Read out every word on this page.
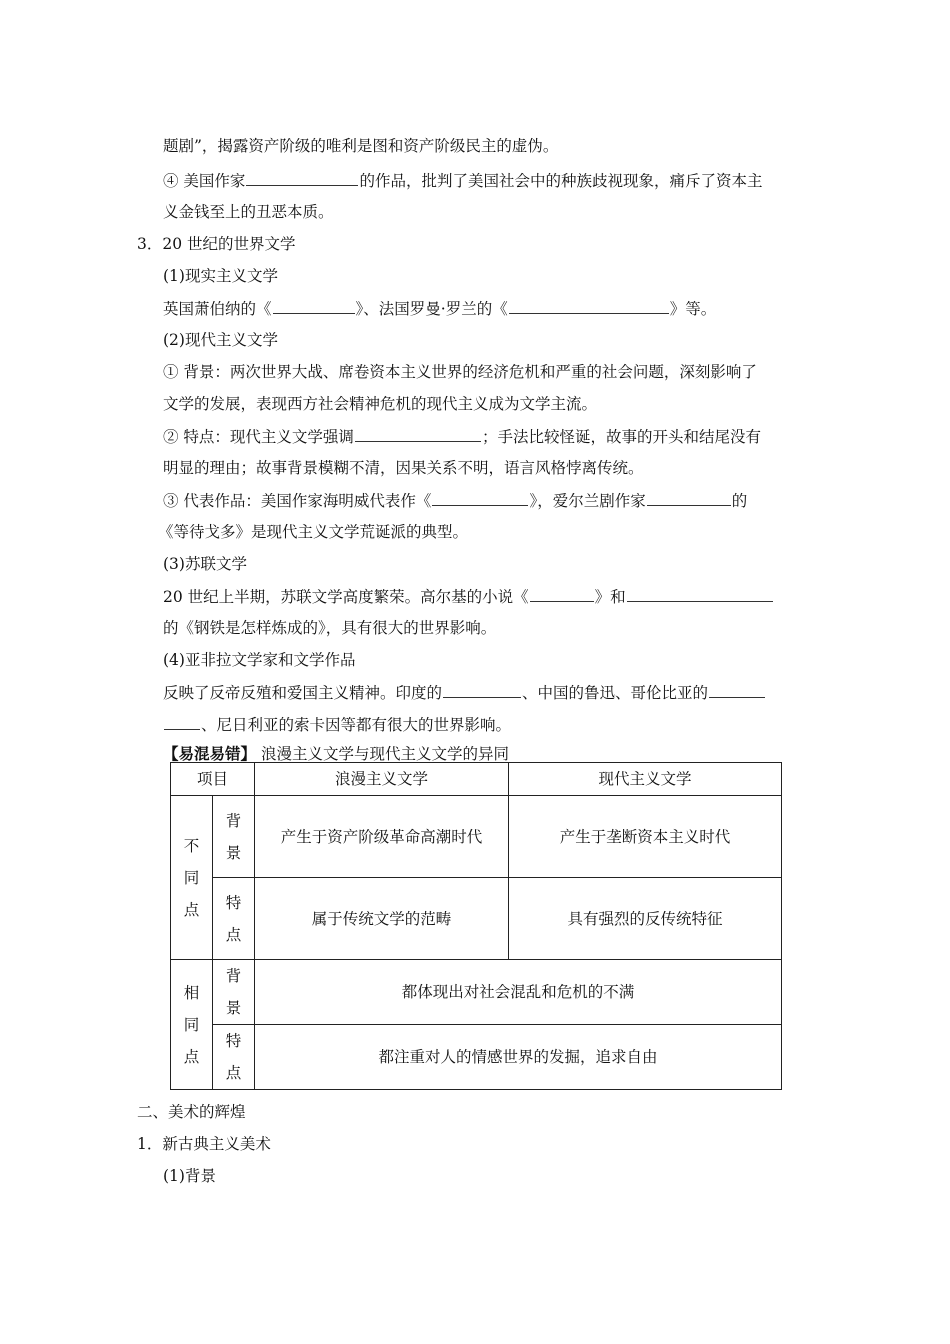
题剧”，揭露资产阶级的唯利是图和资产阶级民主的虚伪。
④ 美国作家	的作品，批判了美国社会中的种族歧视现象，痛斥了资本主
义金钱至上的丑恶本质。
3．20 世纪的世界文学
(1)现实主义文学
英国萧伯纳的《	》、法国罗曼·罗兰的《	》等。
(2)现代主义文学
① 背景：两次世界大战、席卷资本主义世界的经济危机和严重的社会问题，深刻影响了
文学的发展，表现西方社会精神危机的现代主义成为文学主流。
② 特点：现代主义文学强调	；手法比较怪诞，故事的开头和结尾没有
明显的理由；故事背景模糊不清，因果关系不明，语言风格悖离传统。
③ 代表作品：美国作家海明威代表作《	》，爱尔兰剧作家	的
《等待戈多》是现代主义文学荒诞派的典型。
(3)苏联文学
20 世纪上半期，苏联文学高度繁荣。高尔基的小说《	》和
的《钢铁是怎样炼成的》，具有很大的世界影响。
(4)亚非拉文学家和文学作品
反映了反帝反殖和爱国主义精神。印度的	、中国的鲁迅、哥伦比亚的
、尼日利亚的索卡因等都有很大的世界影响。
【易混易错】 浪漫主义文学与现代主义文学的异同
项目		浪漫主义文学	现代主义文学

不同点	背景	产生于资产阶级革命高潮时代	产生于垄断资本主义时代

	特点	属于传统文学的范畴	具有强烈的反传统特征

相同点	背景	都体现出对社会混乱和危机的不满	

	特点	都注重对人的情感世界的发掘，追求自由	
二、美术的辉煌
1．新古典主义美术
(1)背景
